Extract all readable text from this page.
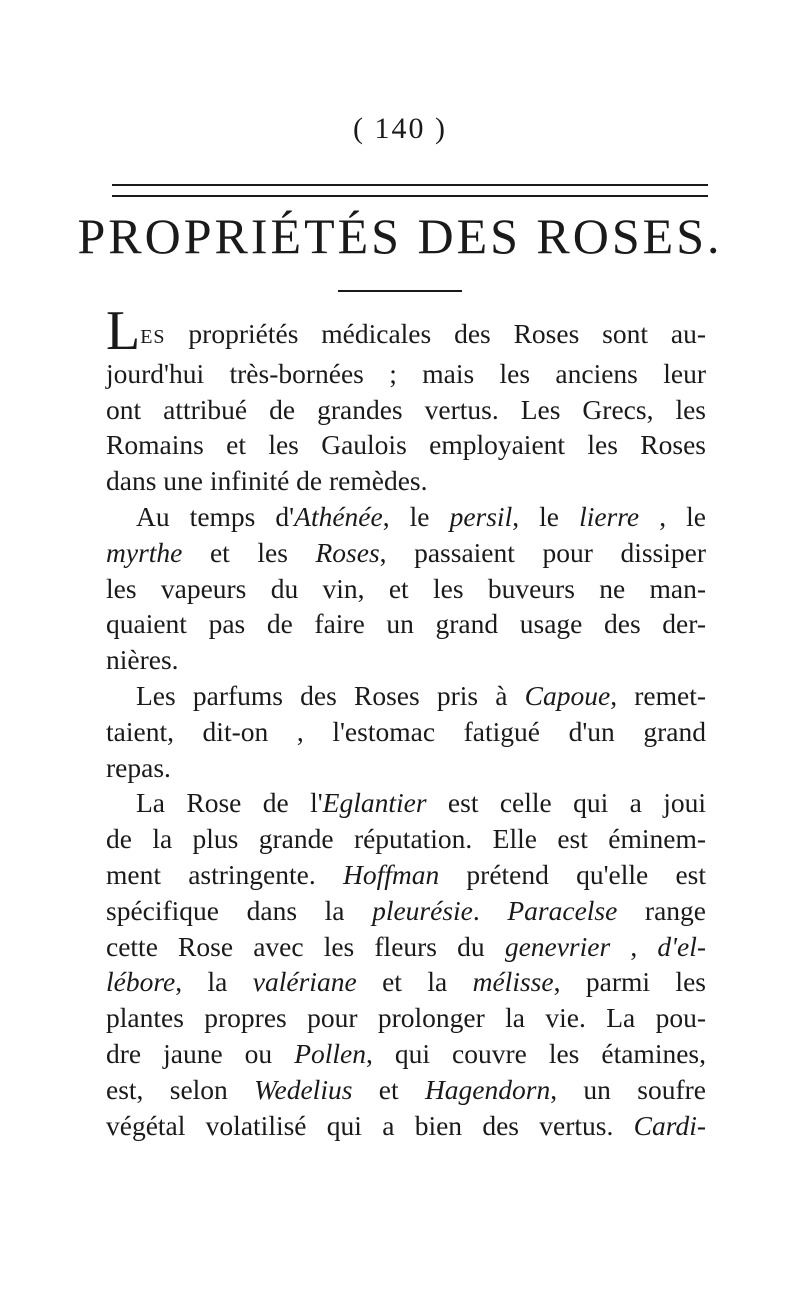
( 140 )
PROPRIÉTÉS DES ROSES.
LES propriétés médicales des Roses sont au-
jourd'hui très-bornées ; mais les anciens leur
ont attribué de grandes vertus. Les Grecs, les
Romains et les Gaulois employaient les Roses
dans une infinité de remèdes.
Au temps d'Athénée, le persil, le lierre , le
myrthe et les Roses, passaient pour dissiper
les vapeurs du vin, et les buveurs ne man-
quaient pas de faire un grand usage des der-
nières.
Les parfums des Roses pris à Capoue, remet-
taient, dit-on , l'estomac fatigué d'un grand
repas.
La Rose de l'Eglantier est celle qui a joui
de la plus grande réputation. Elle est éminem-
ment astringente. Hoffman prétend qu'elle est
spécifique dans la pleurésie. Paracelse range
cette Rose avec les fleurs du genevrier , d'el-
lébore, la valériane et la mélisse, parmi les
plantes propres pour prolonger la vie. La pou-
dre jaune ou Pollen, qui couvre les étamines,
est, selon Wedelius et Hagendorn, un soufre
végétal volatilisé qui a bien des vertus. Cardi-
